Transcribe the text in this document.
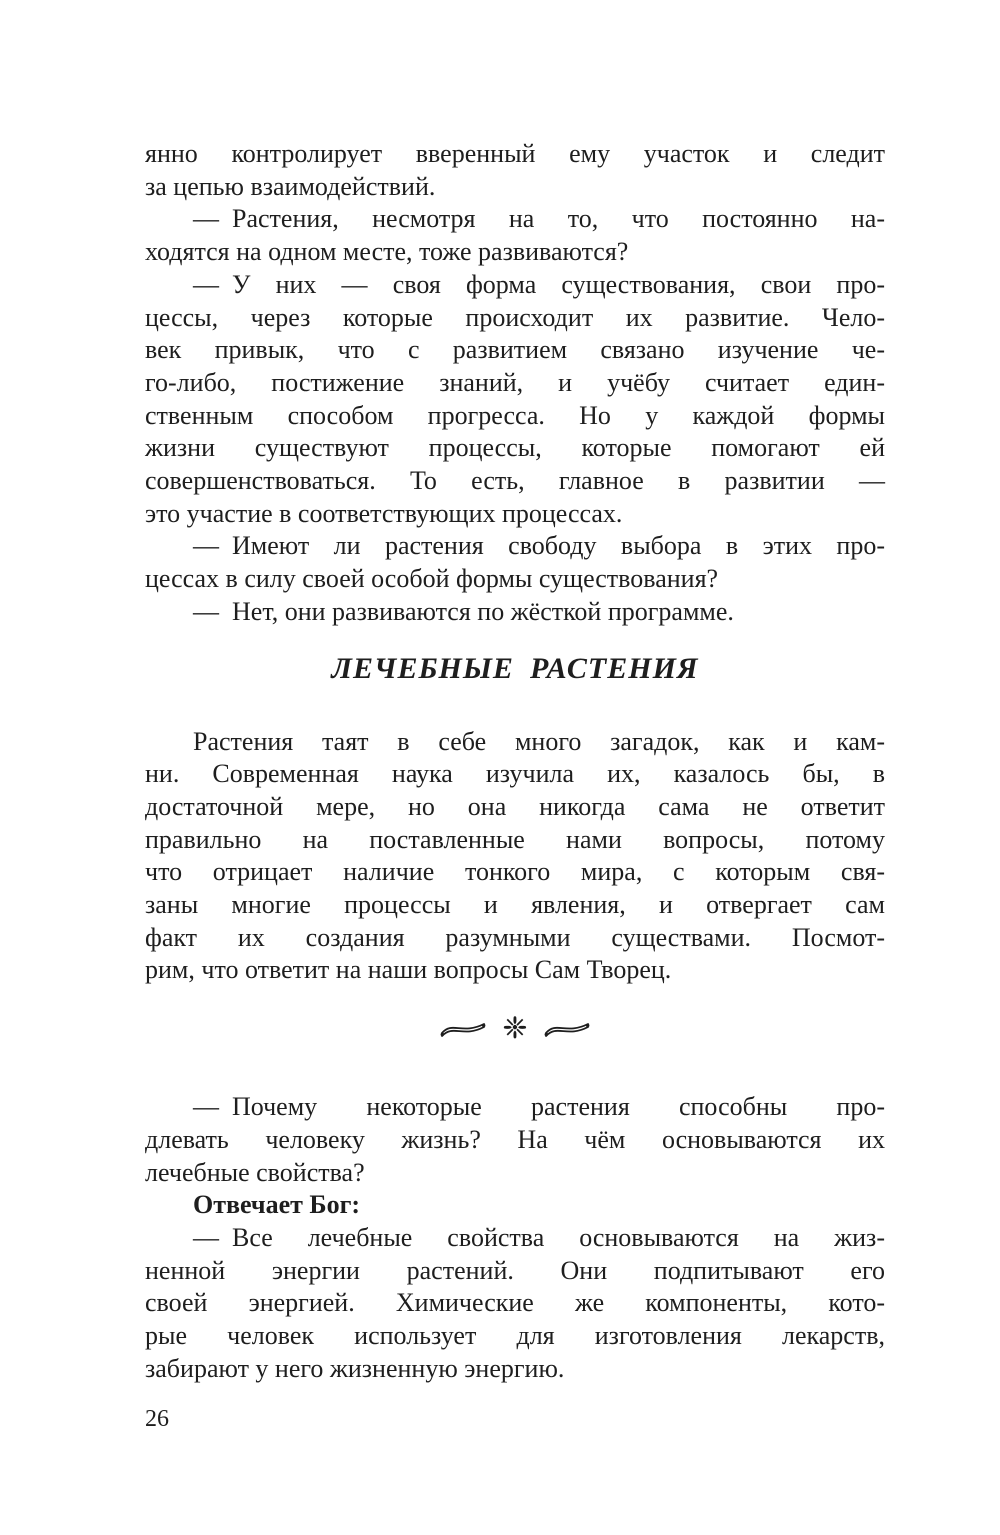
янно контролирует вверенный ему участок и следит
за цепью взаимодействий.
— Растения, несмотря на то, что постоянно на-
ходятся на одном месте, тоже развиваются?
— У них — своя форма существования, свои про-
цессы, через которые происходит их развитие. Чело-
век привык, что с развитием связано изучение че-
го-либо, постижение знаний, и учёбу считает един-
ственным способом прогресса. Но у каждой формы
жизни существуют процессы, которые помогают ей
совершенствоваться. То есть, главное в развитии —
это участие в соответствующих процессах.
— Имеют ли растения свободу выбора в этих про-
цессах в силу своей особой формы существования?
— Нет, они развиваются по жёсткой программе.
ЛЕЧЕБНЫЕ РАСТЕНИЯ
Растения таят в себе много загадок, как и кам-
ни. Современная наука изучила их, казалось бы, в
достаточной мере, но она никогда сама не ответит
правильно на поставленные нами вопросы, потому
что отрицает наличие тонкого мира, с которым свя-
заны многие процессы и явления, и отвергает сам
факт их создания разумными существами. Посмот-
рим, что ответит на наши вопросы Сам Творец.
❈
— Почему некоторые растения способны про-
длевать человеку жизнь? На чём основываются их
лечебные свойства?
Отвечает Бог:
— Все лечебные свойства основываются на жиз-
ненной энергии растений. Они подпитывают его
своей энергией. Химические же компоненты, кото-
рые человек использует для изготовления лекарств,
забирают у него жизненную энергию.
26
